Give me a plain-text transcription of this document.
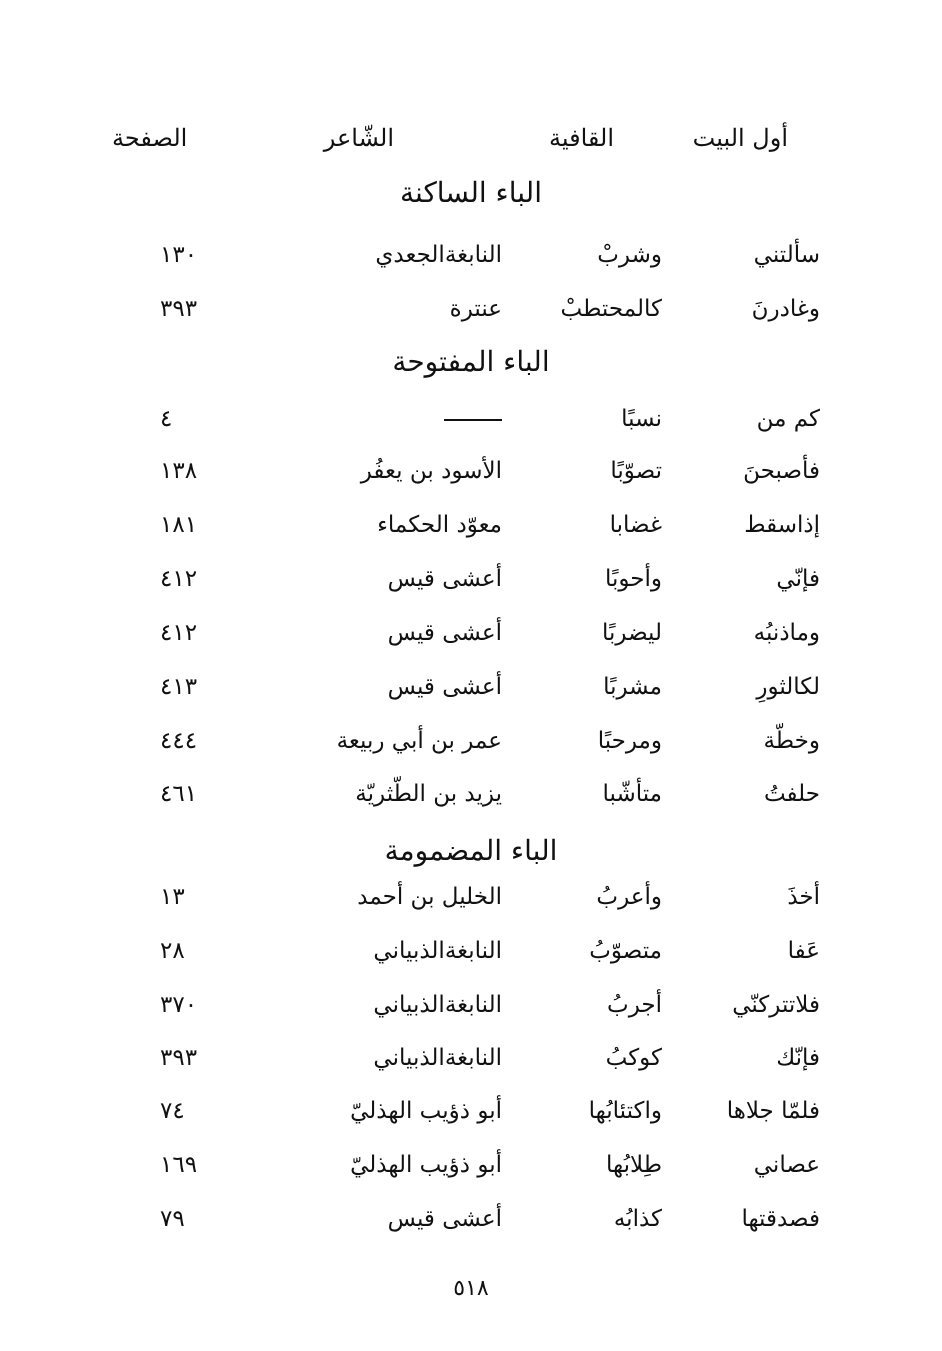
أول البيت
القافية
الشّاعر
الصفحة
الباء الساكنة
سألتني
وشربْ
النابغةالجعدي
١٣٠
وغادرنَ
كالمحتطبْ
عنترة
٣٩٣
الباء المفتوحة
كم من
نسبًا
٤
فأصبحنَ
تصوّبًا
الأسود بن يعفُر
١٣٨
إذاسقط
غضابا
معوّد الحكماء
١٨١
فإنّي
وأحوبًا
أعشى قيس
٤١٢
وماذنبُه
ليضربًا
أعشى قيس
٤١٢
لكالثورِ
مشربًا
أعشى قيس
٤١٣
وخطّة
ومرحبًا
عمر بن أبي ربيعة
٤٤٤
حلفتُ
متأشّبا
يزيد بن الطّثريّة
٤٦١
الباء المضمومة
أخذَ
وأعربُ
الخليل بن أحمد
١٣
عَفا
متصوّبُ
النابغةالذبياني
٢٨
فلاتتركنّي
أجربُ
النابغةالذبياني
٣٧٠
فإنّك
كوكبُ
النابغةالذبياني
٣٩٣
فلمّا جلاها
واكتئابُها
أبو ذؤيب الهذليّ
٧٤
عصاني
طِلابُها
أبو ذؤيب الهذليّ
١٦٩
فصدقتها
كذابُه
أعشى قيس
٧٩
٥١٨
